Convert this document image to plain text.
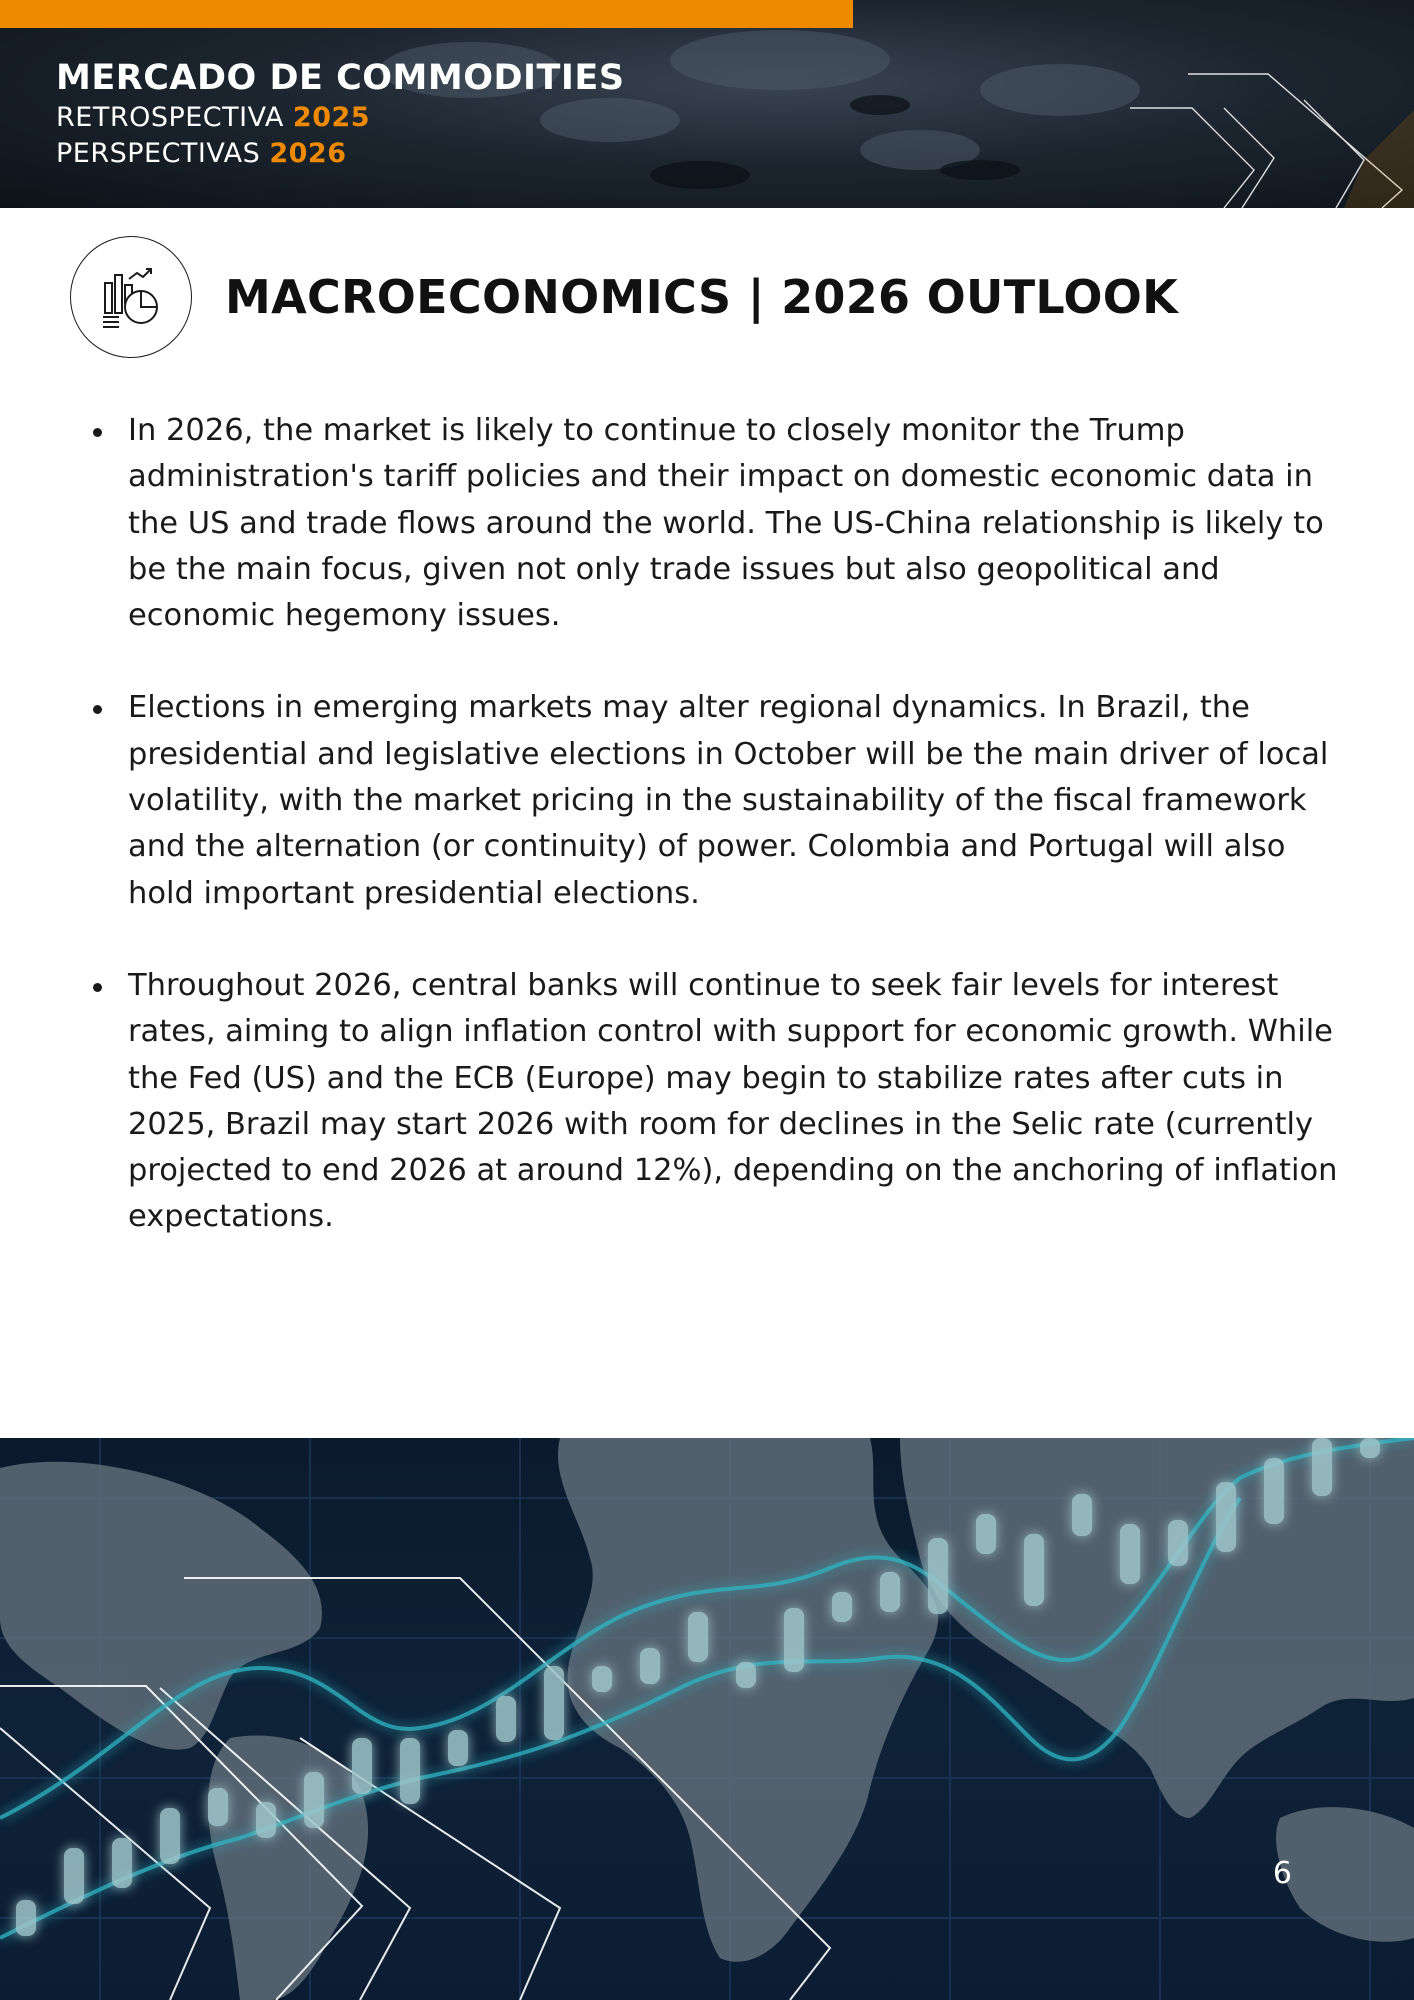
MERCADO DE COMMODITIES
RETROSPECTIVA 2025
PERSPECTIVAS 2026
MACROECONOMICS | 2026 OUTLOOK
In 2026, the market is likely to continue to closely monitor the Trump administration's tariff policies and their impact on domestic economic data in the US and trade flows around the world. The US-China relationship is likely to be the main focus, given not only trade issues but also geopolitical and economic hegemony issues.
Elections in emerging markets may alter regional dynamics. In Brazil, the presidential and legislative elections in October will be the main driver of local volatility, with the market pricing in the sustainability of the fiscal framework and the alternation (or continuity) of power. Colombia and Portugal will also hold important presidential elections.
Throughout 2026, central banks will continue to seek fair levels for interest rates, aiming to align inflation control with support for economic growth. While the Fed (US) and the ECB (Europe) may begin to stabilize rates after cuts in 2025, Brazil may start 2026 with room for declines in the Selic rate (currently projected to end 2026 at around 12%), depending on the anchoring of inflation expectations.
6
